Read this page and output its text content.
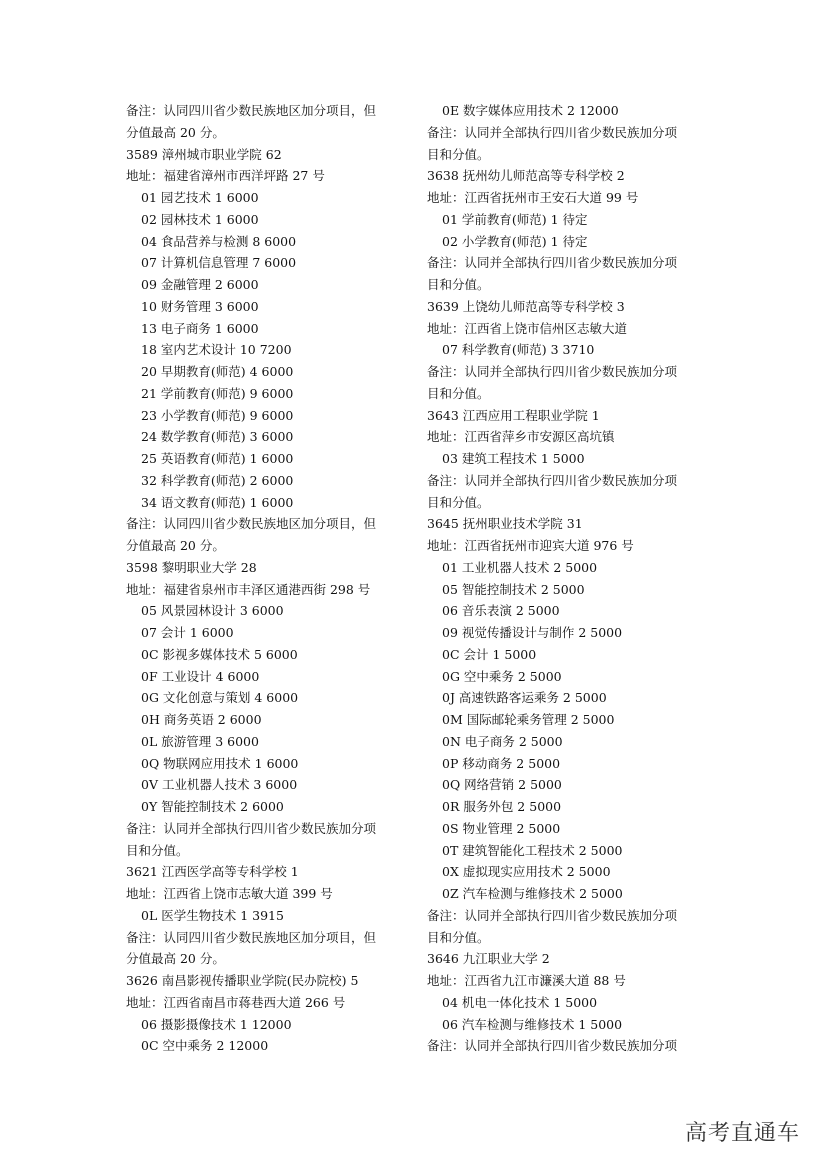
备注：认同四川省少数民族地区加分项目，但
分值最高 20 分。
3589 漳州城市职业学院 62
地址：福建省漳州市西洋坪路 27 号
01 园艺技术 1 6000
02 园林技术 1 6000
04 食品营养与检测 8 6000
07 计算机信息管理 7 6000
09 金融管理 2 6000
10 财务管理 3 6000
13 电子商务 1 6000
18 室内艺术设计 10 7200
20 早期教育(师范) 4 6000
21 学前教育(师范) 9 6000
23 小学教育(师范) 9 6000
24 数学教育(师范) 3 6000
25 英语教育(师范) 1 6000
32 科学教育(师范) 2 6000
34 语文教育(师范) 1 6000
备注：认同四川省少数民族地区加分项目，但
分值最高 20 分。
3598 黎明职业大学 28
地址：福建省泉州市丰泽区通港西街 298 号
05 风景园林设计 3 6000
07 会计 1 6000
0C 影视多媒体技术 5 6000
0F 工业设计 4 6000
0G 文化创意与策划 4 6000
0H 商务英语 2 6000
0L 旅游管理 3 6000
0Q 物联网应用技术 1 6000
0V 工业机器人技术 3 6000
0Y 智能控制技术 2 6000
备注：认同并全部执行四川省少数民族加分项
目和分值。
3621 江西医学高等专科学校 1
地址：江西省上饶市志敏大道 399 号
0L 医学生物技术 1 3915
备注：认同四川省少数民族地区加分项目，但
分值最高 20 分。
3626 南昌影视传播职业学院(民办院校) 5
地址：江西省南昌市蒋巷西大道 266 号
06 摄影摄像技术 1 12000
0C 空中乘务 2 12000
0E 数字媒体应用技术 2 12000
备注：认同并全部执行四川省少数民族加分项
目和分值。
3638 抚州幼儿师范高等专科学校 2
地址：江西省抚州市王安石大道 99 号
01 学前教育(师范) 1 待定
02 小学教育(师范) 1 待定
备注：认同并全部执行四川省少数民族加分项
目和分值。
3639 上饶幼儿师范高等专科学校 3
地址：江西省上饶市信州区志敏大道
07 科学教育(师范) 3 3710
备注：认同并全部执行四川省少数民族加分项
目和分值。
3643 江西应用工程职业学院 1
地址：江西省萍乡市安源区高坑镇
03 建筑工程技术 1 5000
备注：认同并全部执行四川省少数民族加分项
目和分值。
3645 抚州职业技术学院 31
地址：江西省抚州市迎宾大道 976 号
01 工业机器人技术 2 5000
05 智能控制技术 2 5000
06 音乐表演 2 5000
09 视觉传播设计与制作 2 5000
0C 会计 1 5000
0G 空中乘务 2 5000
0J 高速铁路客运乘务 2 5000
0M 国际邮轮乘务管理 2 5000
0N 电子商务 2 5000
0P 移动商务 2 5000
0Q 网络营销 2 5000
0R 服务外包 2 5000
0S 物业管理 2 5000
0T 建筑智能化工程技术 2 5000
0X 虚拟现实应用技术 2 5000
0Z 汽车检测与维修技术 2 5000
备注：认同并全部执行四川省少数民族加分项
目和分值。
3646 九江职业大学 2
地址：江西省九江市濂溪大道 88 号
04 机电一体化技术 1 5000
06 汽车检测与维修技术 1 5000
备注：认同并全部执行四川省少数民族加分项
高考直通车
